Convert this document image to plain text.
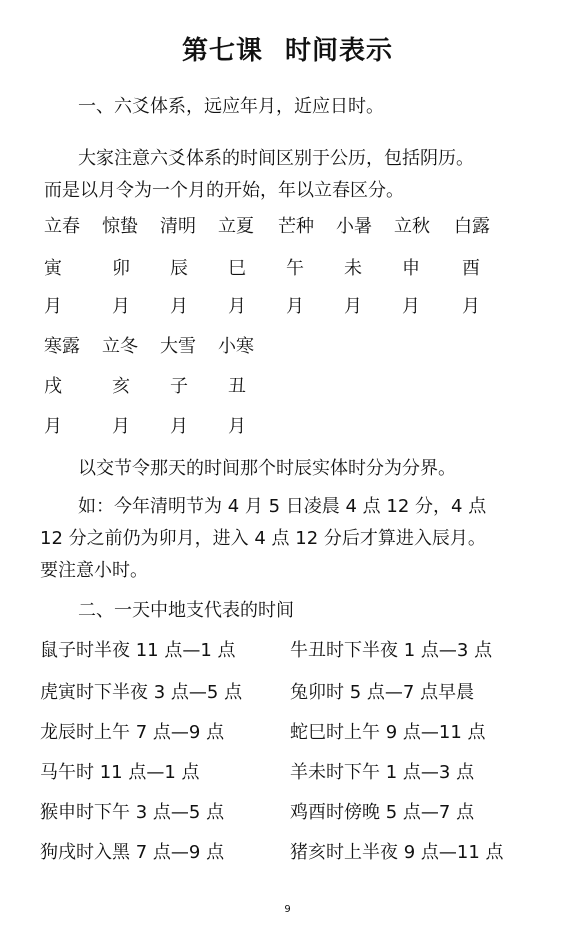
第七课 时间表示
一、六爻体系，远应年月，近应日时。
大家注意六爻体系的时间区别于公历，包括阴历。
而是以月令为一个月的开始，年以立春区分。
立春 惊蛰 清明 立夏 芒种 小暑 立秋 白露
寅	卯 辰 巳 午 未 申 酉
月	月 月 月 月 月 月 月
寒露 立冬 大雪 小寒
戌	亥 子 丑
月	月 月 月
以交节令那天的时间那个时辰实体时分为分界。
如：今年清明节为 4 月 5 日凌晨 4 点 12 分，4 点
12 分之前仍为卯月，进入 4 点 12 分后才算进入辰月。
要注意小时。
二、一天中地支代表的时间
鼠子时半夜 11 点—1 点	牛丑时下半夜 1 点—3 点
虎寅时下半夜 3 点—5 点	兔卯时 5 点—7 点早晨
龙辰时上午 7 点—9 点	蛇巳时上午 9 点—11 点
马午时 11 点—1 点	羊未时下午 1 点—3 点
猴申时下午 3 点—5 点	鸡酉时傍晚 5 点—7 点
狗戌时入黑 7 点—9 点	猪亥时上半夜 9 点—11 点
9
